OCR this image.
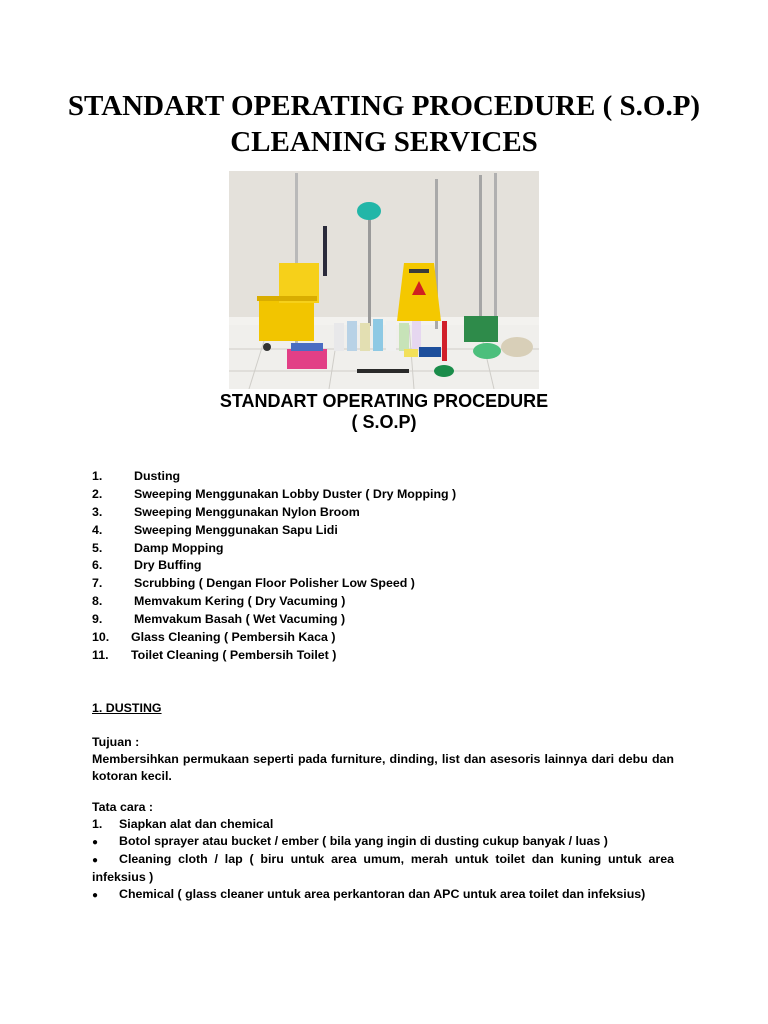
STANDART OPERATING PROCEDURE ( S.O.P) CLEANING SERVICES
STANDART OPERATING PROCEDURE
( S.O.P)
1.	Dusting
2.	Sweeping Menggunakan Lobby Duster ( Dry Mopping )
3.	Sweeping Menggunakan Nylon Broom
4.	Sweeping Menggunakan Sapu Lidi
5.	Damp Mopping
6.	Dry Buffing
7.	Scrubbing ( Dengan Floor Polisher Low Speed )
8.	Memvakum Kering ( Dry Vacuming )
9.	Memvakum Basah ( Wet Vacuming )
10. Glass Cleaning ( Pembersih Kaca )
11. Toilet Cleaning ( Pembersih Toilet )
1. DUSTING

Tujuan :

Membersihkan permukaan seperti pada furniture, dinding, list dan asesoris lainnya dari debu dan kotoran kecil.

Tata cara :

1. Siapkan alat dan chemical
● Botol sprayer atau bucket / ember ( bila yang ingin di dusting cukup banyak / luas )
● Cleaning cloth / lap ( biru untuk area umum, merah untuk toilet dan kuning untuk area infeksius )
● Chemical ( glass cleaner untuk area perkantoran dan APC untuk area toilet dan infeksius)
